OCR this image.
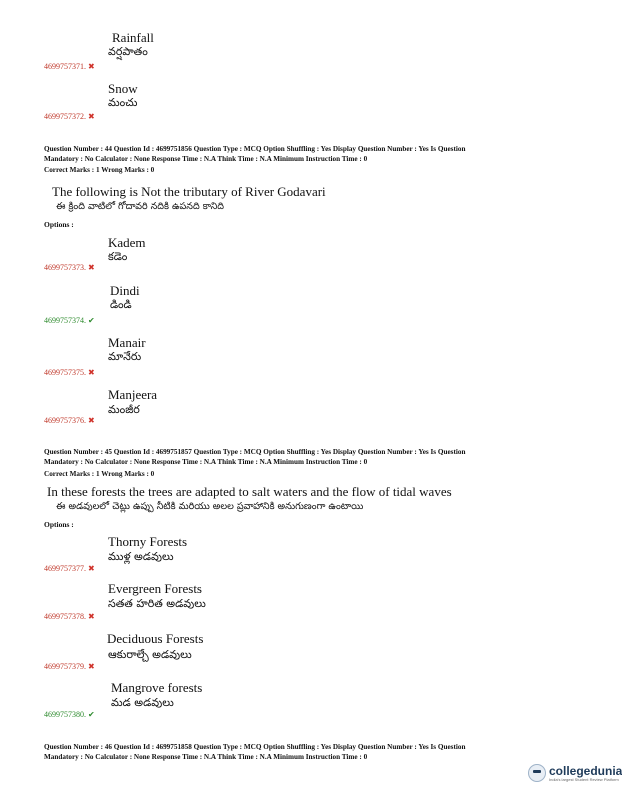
Rainfall
వర్షపాతం
4699757371. ✖
Snow
మంచు
4699757372. ✖
Question Number : 44 Question Id : 4699751856 Question Type : MCQ Option Shuffling : Yes Display Question Number : Yes Is Question
Mandatory : No Calculator : None Response Time : N.A Think Time : N.A Minimum Instruction Time : 0
Correct Marks : 1 Wrong Marks : 0
The following is Not the tributary of River Godavari
ఈ క్రింది వాటిలో గోదావరి నదికి ఉపనది కానిది
Options :
Kadem
కడెం
4699757373. ✖
Dindi
డిండి
4699757374. ✔
Manair
మానేరు
4699757375. ✖
Manjeera
మంజీర
4699757376. ✖
Question Number : 45 Question Id : 4699751857 Question Type : MCQ Option Shuffling : Yes Display Question Number : Yes Is Question
Mandatory : No Calculator : None Response Time : N.A Think Time : N.A Minimum Instruction Time : 0
Correct Marks : 1 Wrong Marks : 0
In these forests the trees are adapted to salt waters and the flow of tidal waves
ఈ అడవులలో చెట్లు ఉప్పు నీటికి మరియు అలల ప్రవాహానికి అనుగుణంగా ఉంటాయి
Options :
Thorny Forests
ముళ్ల అడవులు
4699757377. ✖
Evergreen Forests
సతత హరిత అడవులు
4699757378. ✖
Deciduous Forests
ఆకురాల్చే అడవులు
4699757379. ✖
Mangrove forests
మడ అడవులు
4699757380. ✔
Question Number : 46 Question Id : 4699751858 Question Type : MCQ Option Shuffling : Yes Display Question Number : Yes Is Question
Mandatory : No Calculator : None Response Time : N.A Think Time : N.A Minimum Instruction Time : 0
collegedunia
India's largest Student Review Platform
